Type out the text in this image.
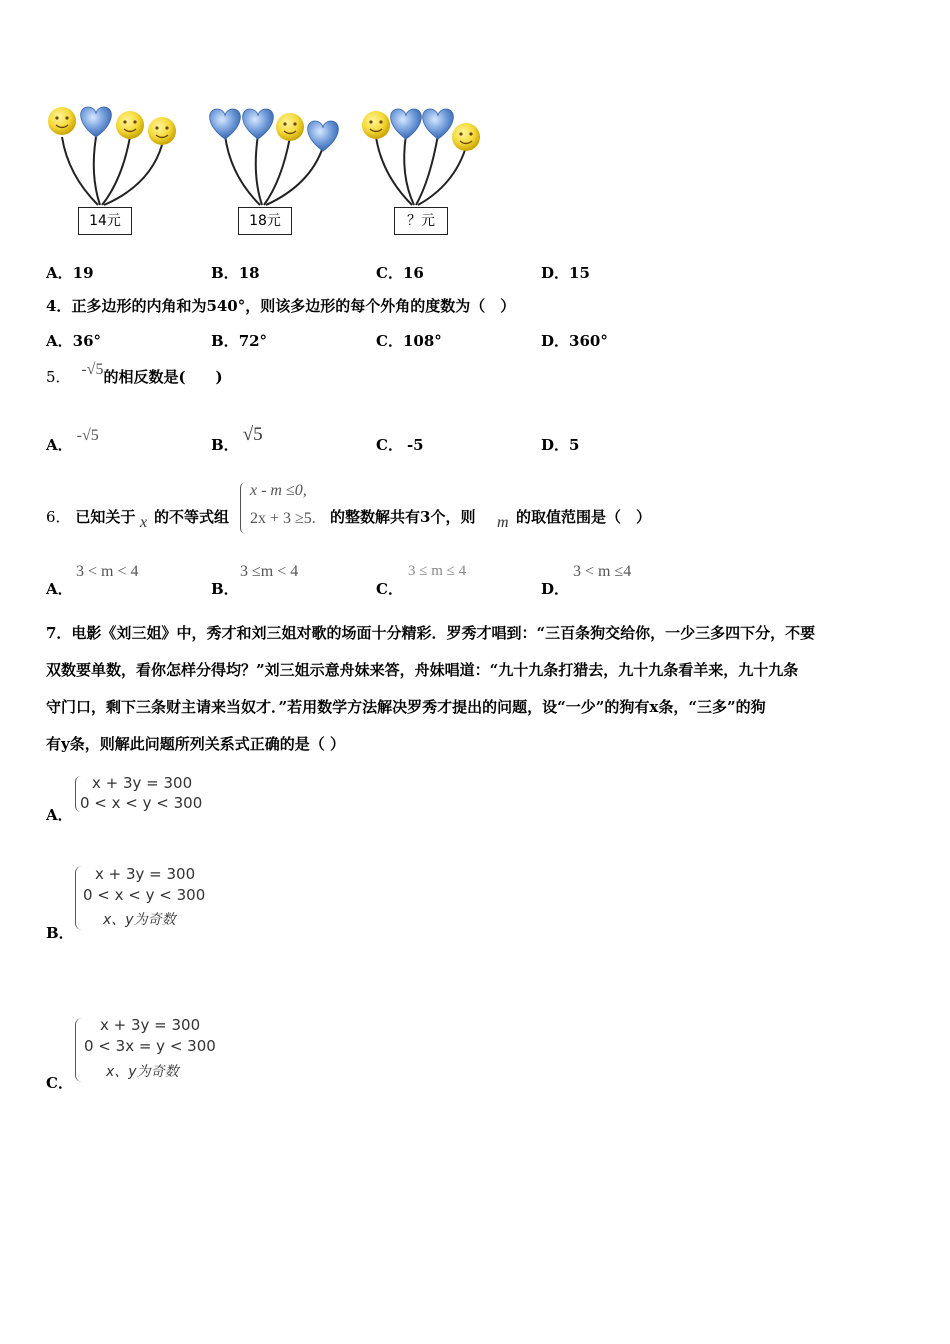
14元	18元	？元
A．19	B．18	C．16	D．15
4．正多边形的内角和为540°，则该多边形的每个外角的度数为（　）
A．36°	B．72°	C．108°	D．360°
5． -√5的相反数是(　　)
A．-√5
B． √5	C． -5	D．5
6． 已知关于 x 的不等式组
x - m ≤0,
2x + 3 ≥5. 的整数解共有3个，则 m 的取值范围是（　）
A．
3 < m < 4
B．
3 ≤m < 4
C．
3 ≤ m ≤ 4
D．
3 < m ≤4
7．电影《刘三姐》中，秀才和刘三姐对歌的场面十分精彩．罗秀才唱到：“三百条狗交给你，一少三多四下分，不要
双数要单数，看你怎样分得均？”刘三姐示意舟妹来答，舟妹唱道：“九十九条打猎去，九十九条看羊来，九十九条
守门口，剩下三条财主请来当奴才．”若用数学方法解决罗秀才提出的问题，设“一少”的狗有x条，“三多”的狗
有y条，则解此问题所列关系式正确的是（ ）
A．
x + 3y = 300
0 < x < y < 300
B．
x + 3y = 300
0 < x < y < 300
x、y为奇数
C．
x + 3y = 300
0 < 3x = y < 300
x、y为奇数
